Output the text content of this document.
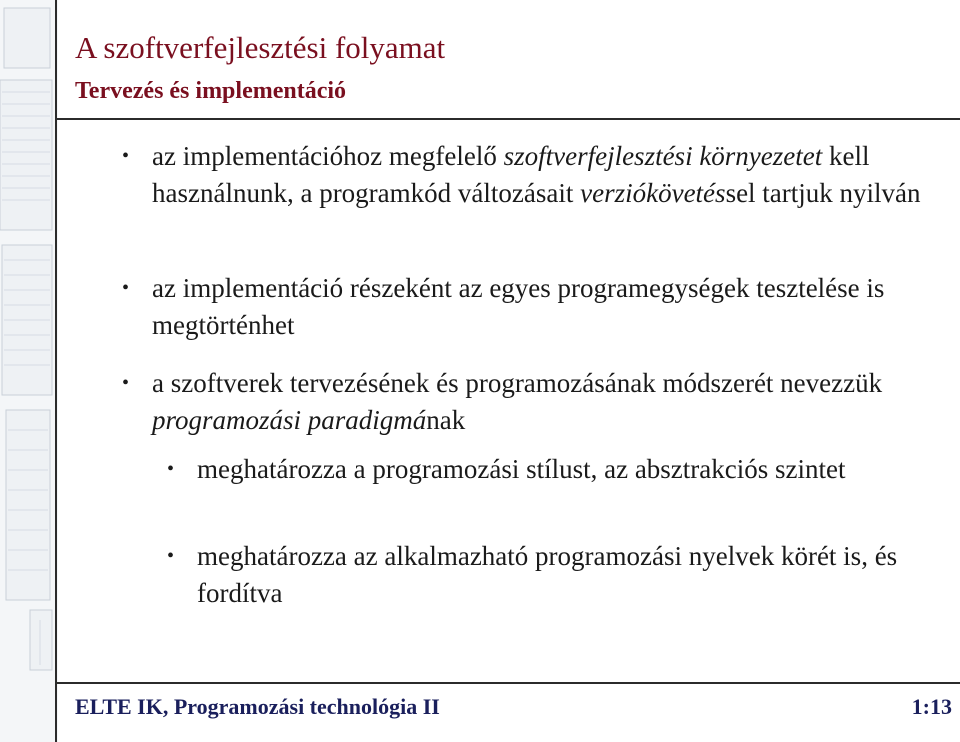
A szoftverfejlesztési folyamat
Tervezés és implementáció
• az implementációhoz megfelelő szoftverfejlesztési környezetet kell használnunk, a programkód változásait verziókövetéssel tartjuk nyilván
• az implementáció részeként az egyes programegységek tesztelése is megtörténhet
• a szoftverek tervezésének és programozásának módszerét nevezzük programozási paradigmának
• meghatározza a programozási stílust, az absztrakciós szintet
• meghatározza az alkalmazható programozási nyelvek körét is, és fordítva
ELTE IK, Programozási technológia II	1:13
